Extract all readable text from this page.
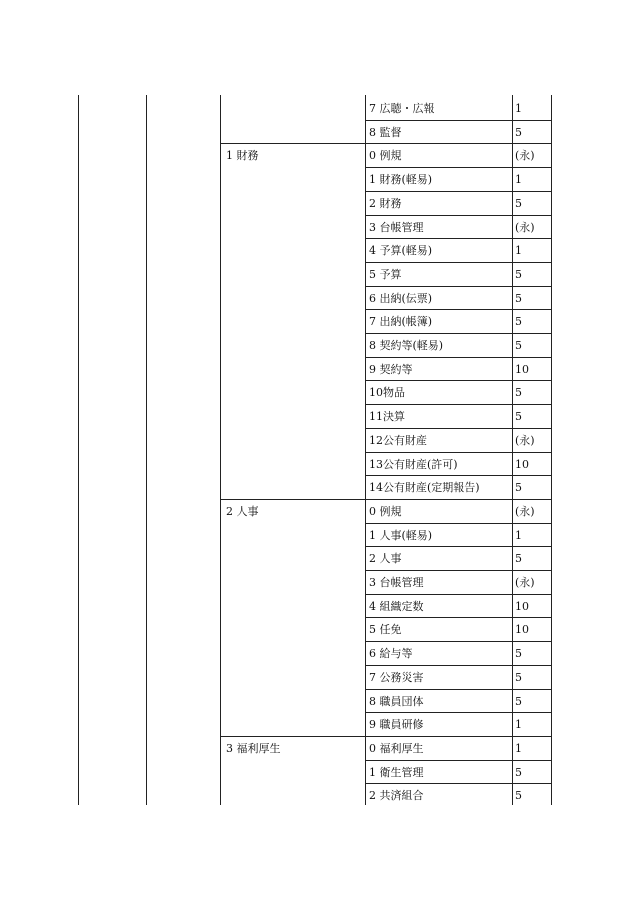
7 広聴・広報	1
8 監督	5
1 財務	0 例規	(永)
1 財務(軽易)	1
2 財務	5
3 台帳管理	(永)
4 予算(軽易)	1
5 予算	5
6 出納(伝票)	5
7 出納(帳簿)	5
8 契約等(軽易)	5
9 契約等	10
10物品	5
11決算	5
12公有財産	(永)
13公有財産(許可)	10
14公有財産(定期報告)	5
2 人事	0 例規	(永)
1 人事(軽易)	1
2 人事	5
3 台帳管理	(永)
4 組織定数	10
5 任免	10
6 給与等	5
7 公務災害	5
8 職員団体	5
9 職員研修	1
3 福利厚生	0 福利厚生	1
1 衛生管理	5
2 共済組合	5
